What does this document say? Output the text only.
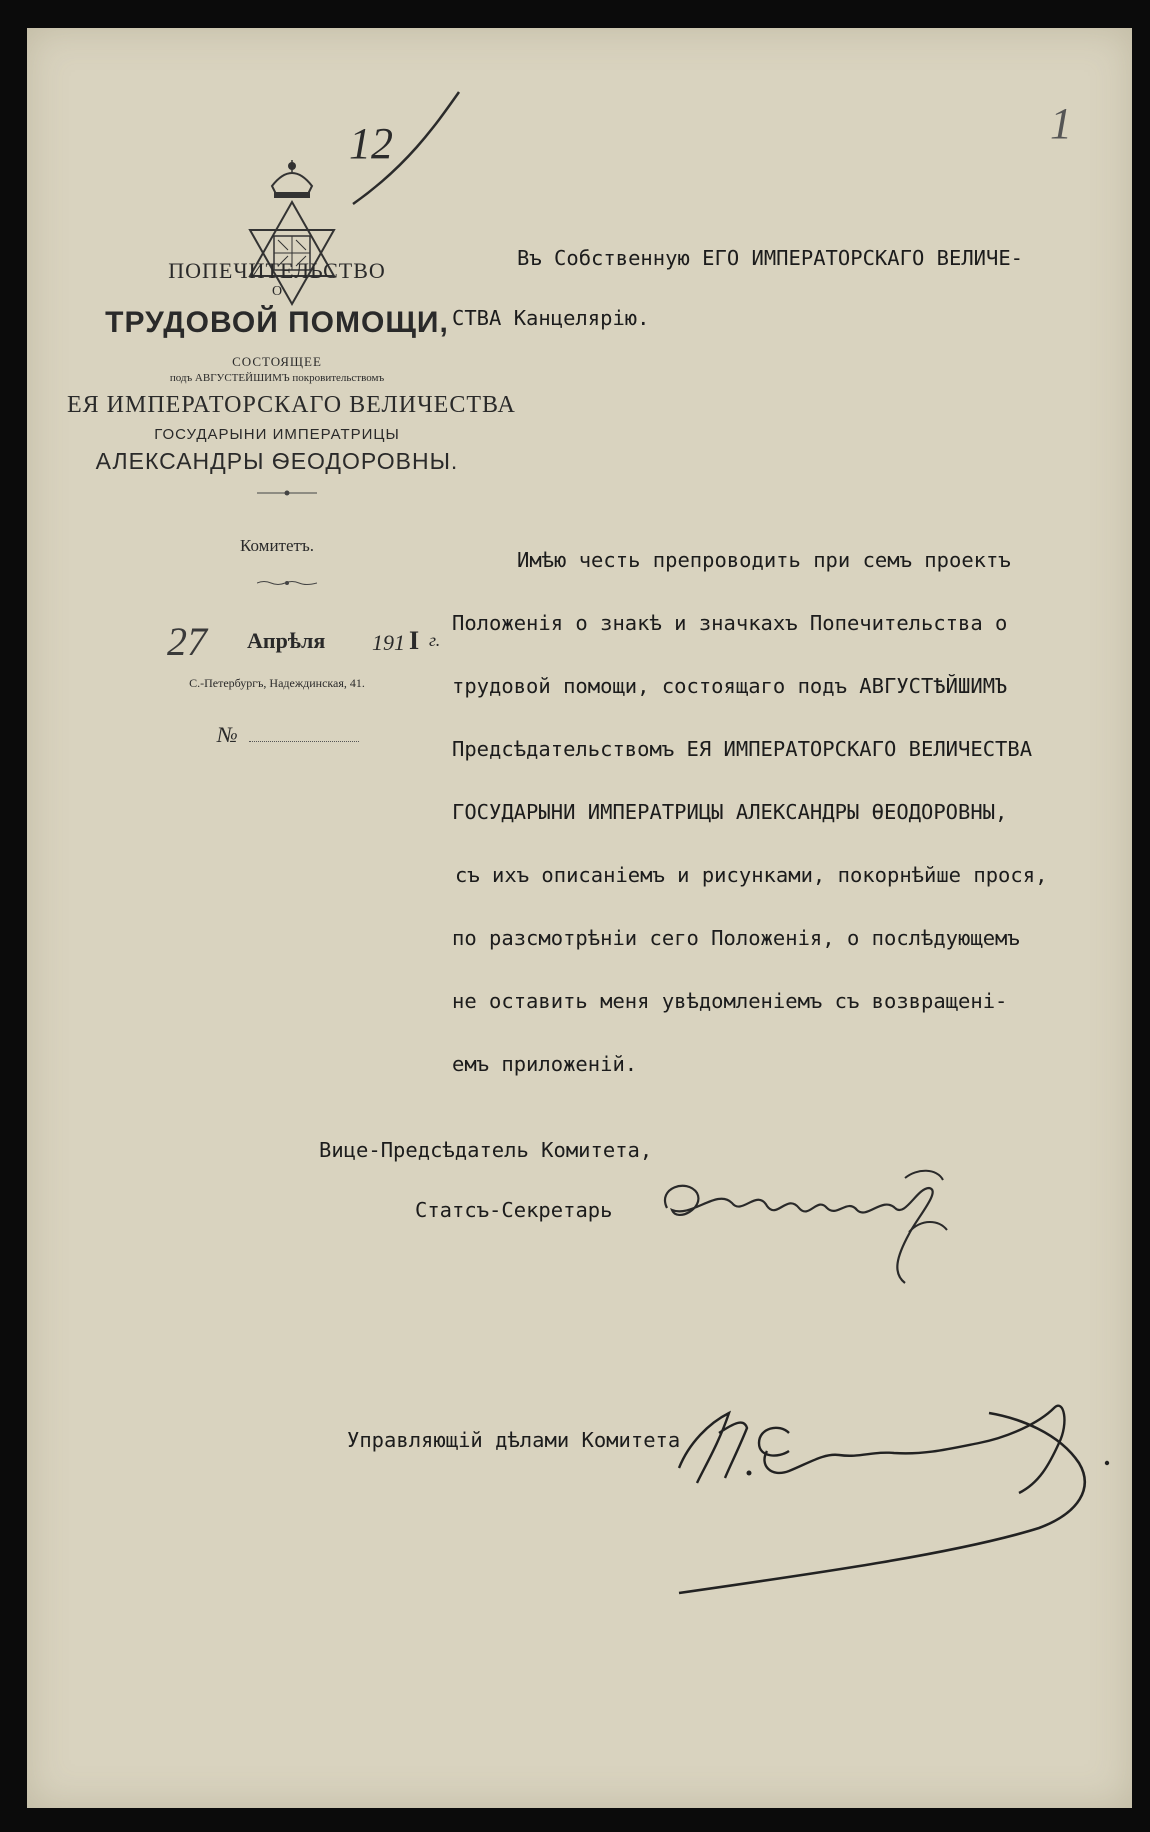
1
12
ПОПЕЧИТЕЛЬСТВО
О
ТРУДОВОЙ ПОМОЩИ,
СОСТОЯЩЕЕ
подъ АВГУСТЕЙШИМЪ покровительствомъ
ЕЯ ИМПЕРАТОРСКАГО ВЕЛИЧЕСТВА
ГОСУДАРЫНИ ИМПЕРАТРИЦЫ
АЛЕКСАНДРЫ ѲЕОДОРОВНЫ.
Комитетъ.
27 Апрѣля 191 I г.
С.-Петербургъ, Надеждинская, 41.
№
Въ Собственную ЕГО ИМПЕРАТОРСКАГО ВЕЛИЧЕ-
СТВА Канцелярію.
Имѣю честь препроводить при семъ проектъ
Положенія о знакѣ и значкахъ Попечительства о
трудовой помощи, состоящаго подъ АВГУСТѢЙШИМЪ
Предсѣдательствомъ ЕЯ ИМПЕРАТОРСКАГО ВЕЛИЧЕСТВА
ГОСУДАРЫНИ ИМПЕРАТРИЦЫ АЛЕКСАНДРЫ ѲЕОДОРОВНЫ,
съ ихъ описаніемъ и рисунками, покорнѣйше прося,
по разсмотрѣніи сего Положенія, о послѣдующемъ
не оставить меня увѣдомленіемъ съ возвращені-
емъ приложеній.
Вице-Предсѣдатель Комитета,
Статсъ-Секретарь
Управляющій дѣлами Комитета
